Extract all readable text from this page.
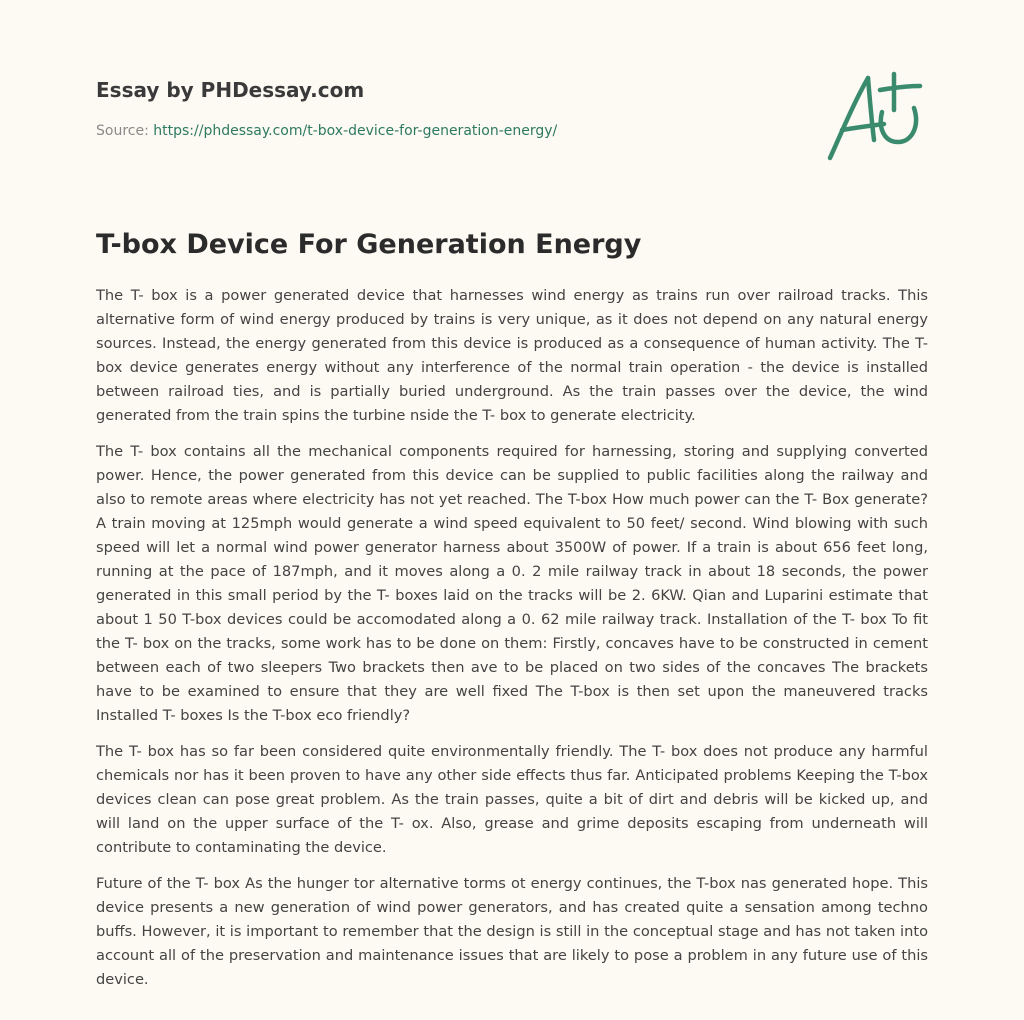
Essay by PHDessay.com
Source: https://phdessay.com/t-box-device-for-generation-energy/
T-box Device For Generation Energy

The T- box is a power generated device that harnesses wind energy as trains run over railroad tracks. This alternative form of wind energy produced by trains is very unique, as it does not depend on any natural energy sources. Instead, the energy generated from this device is produced as a consequence of human activity. The T-box device generates energy without any interference of the normal train operation - the device is installed between railroad ties, and is partially buried underground. As the train passes over the device, the wind generated from the train spins the turbine nside the T- box to generate electricity.

The T- box contains all the mechanical components required for harnessing, storing and supplying converted power. Hence, the power generated from this device can be supplied to public facilities along the railway and also to remote areas where electricity has not yet reached. The T-box How much power can the T- Box generate? A train moving at 125mph would generate a wind speed equivalent to 50 feet/ second. Wind blowing with such speed will let a normal wind power generator harness about 3500W of power. If a train is about 656 feet long, running at the pace of 187mph, and it moves along a 0. 2 mile railway track in about 18 seconds, the power generated in this small period by the T- boxes laid on the tracks will be 2. 6KW. Qian and Luparini estimate that about 1 50 T-box devices could be accomodated along a 0. 62 mile railway track. Installation of the T- box To fit the T- box on the tracks, some work has to be done on them: Firstly, concaves have to be constructed in cement between each of two sleepers Two brackets then ave to be placed on two sides of the concaves The brackets have to be examined to ensure that they are well fixed The T-box is then set upon the maneuvered tracks Installed T- boxes Is the T-box eco friendly?

The T- box has so far been considered quite environmentally friendly. The T- box does not produce any harmful chemicals nor has it been proven to have any other side effects thus far. Anticipated problems Keeping the T-box devices clean can pose great problem. As the train passes, quite a bit of dirt and debris will be kicked up, and will land on the upper surface of the T- ox. Also, grease and grime deposits escaping from underneath will contribute to contaminating the device.

Future of the T- box As the hunger tor alternative torms ot energy continues, the T-box nas generated hope. This device presents a new generation of wind power generators, and has created quite a sensation among techno buffs. However, it is important to remember that the design is still in the conceptual stage and has not taken into account all of the preservation and maintenance issues that are likely to pose a problem in any future use of this device.
